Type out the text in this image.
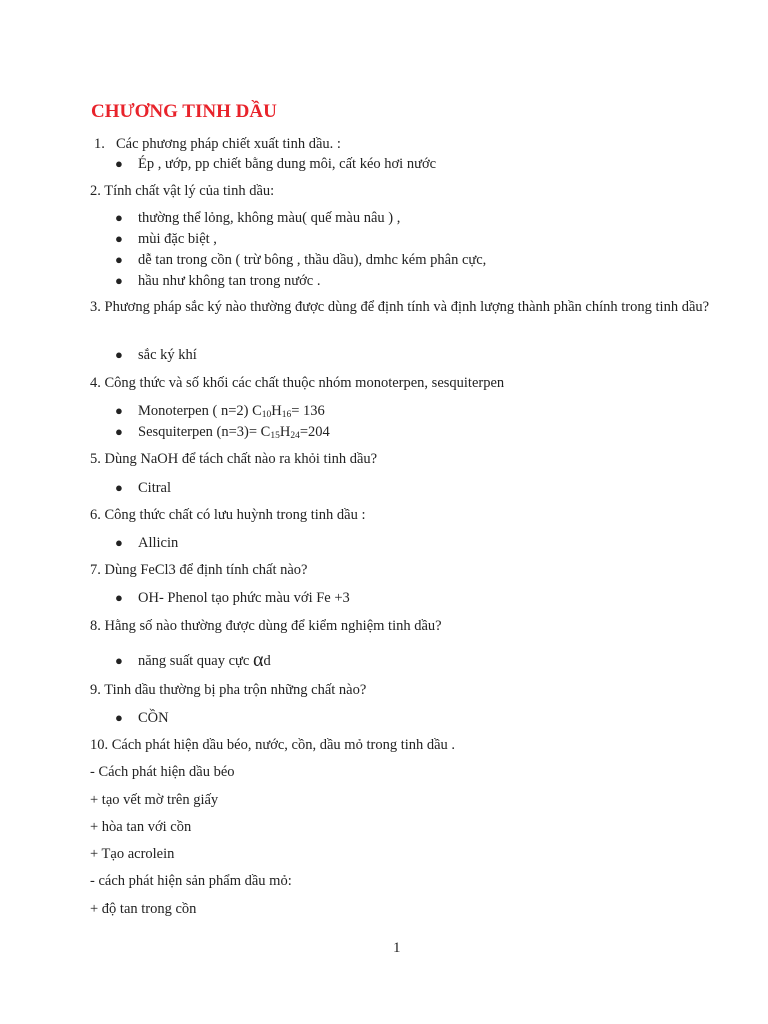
CHƯƠNG TINH DẦU
1. Các phương pháp chiết xuất tinh dầu. :
● Ép , ướp, pp chiết bằng dung môi, cất kéo hơi nước
2. Tính chất vật lý của tinh dầu:
● thường thể lỏng, không màu( quế màu nâu ) ,
● mùi đặc biệt ,
● dễ tan trong cồn ( trừ bông , thầu dầu), dmhc kém phân cực,
● hầu như không tan trong nước .
3. Phương pháp sắc ký nào thường được dùng để định tính và định lượng thành phần chính trong tinh dầu?
● sắc ký khí
4. Công thức và số khối các chất thuộc nhóm monoterpen, sesquiterpen
● Monoterpen ( n=2) $C_{10}H_{16}= 136$
● Sesquiterpen $(n=3)= C_{15}H_{24}=204$
5. Dùng NaOH để tách chất nào ra khỏi tinh dầu?
● Citral
6. Công thức chất có lưu huỳnh trong tinh dầu :
● Allicin
7. Dùng FeCl3 để định tính chất nào?
● OH- Phenol tạo phức màu với Fe +3
8. Hằng số nào thường được dùng để kiểm nghiệm tinh dầu?
● năng suất quay cực αd
9. Tinh dầu thường bị pha trộn những chất nào?
● CỒN
10. Cách phát hiện dầu béo, nước, cồn, dầu mỏ trong tinh dầu .
- Cách phát hiện dầu béo
+ tạo vết mờ trên giấy
+ hòa tan với cồn
+ Tạo acrolein
- cách phát hiện sản phẩm dầu mỏ:
+ độ tan trong cồn
1
